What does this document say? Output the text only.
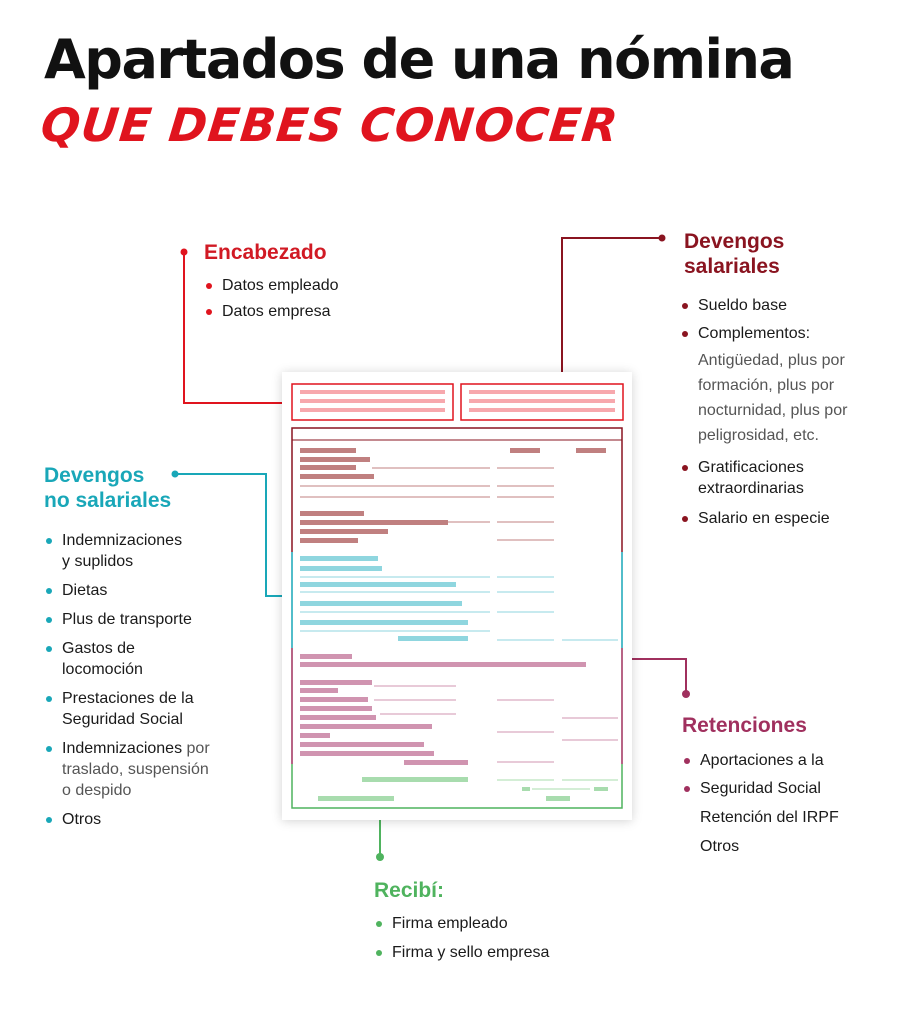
Apartados de una nómina
QUE DEBES CONOCER
Encabezado
Datos empleado
Datos empresa
Devengos
salariales
Sueldo base
Complementos:
Antigüedad, plus por
formación, plus por
nocturnidad, plus por
peligrosidad, etc.
Gratificaciones
extraordinarias
Salario en especie
Devengos
no salariales
Indemnizaciones
y suplidos
Dietas
Plus de transporte
Gastos de
locomoción
Prestaciones de la
Seguridad Social
Indemnizaciones por
traslado, suspensión
o despido
Otros
Retenciones
Aportaciones a la
Seguridad Social
Retención del IRPF
Otros
Recibí:
Firma empleado
Firma y sello empresa
